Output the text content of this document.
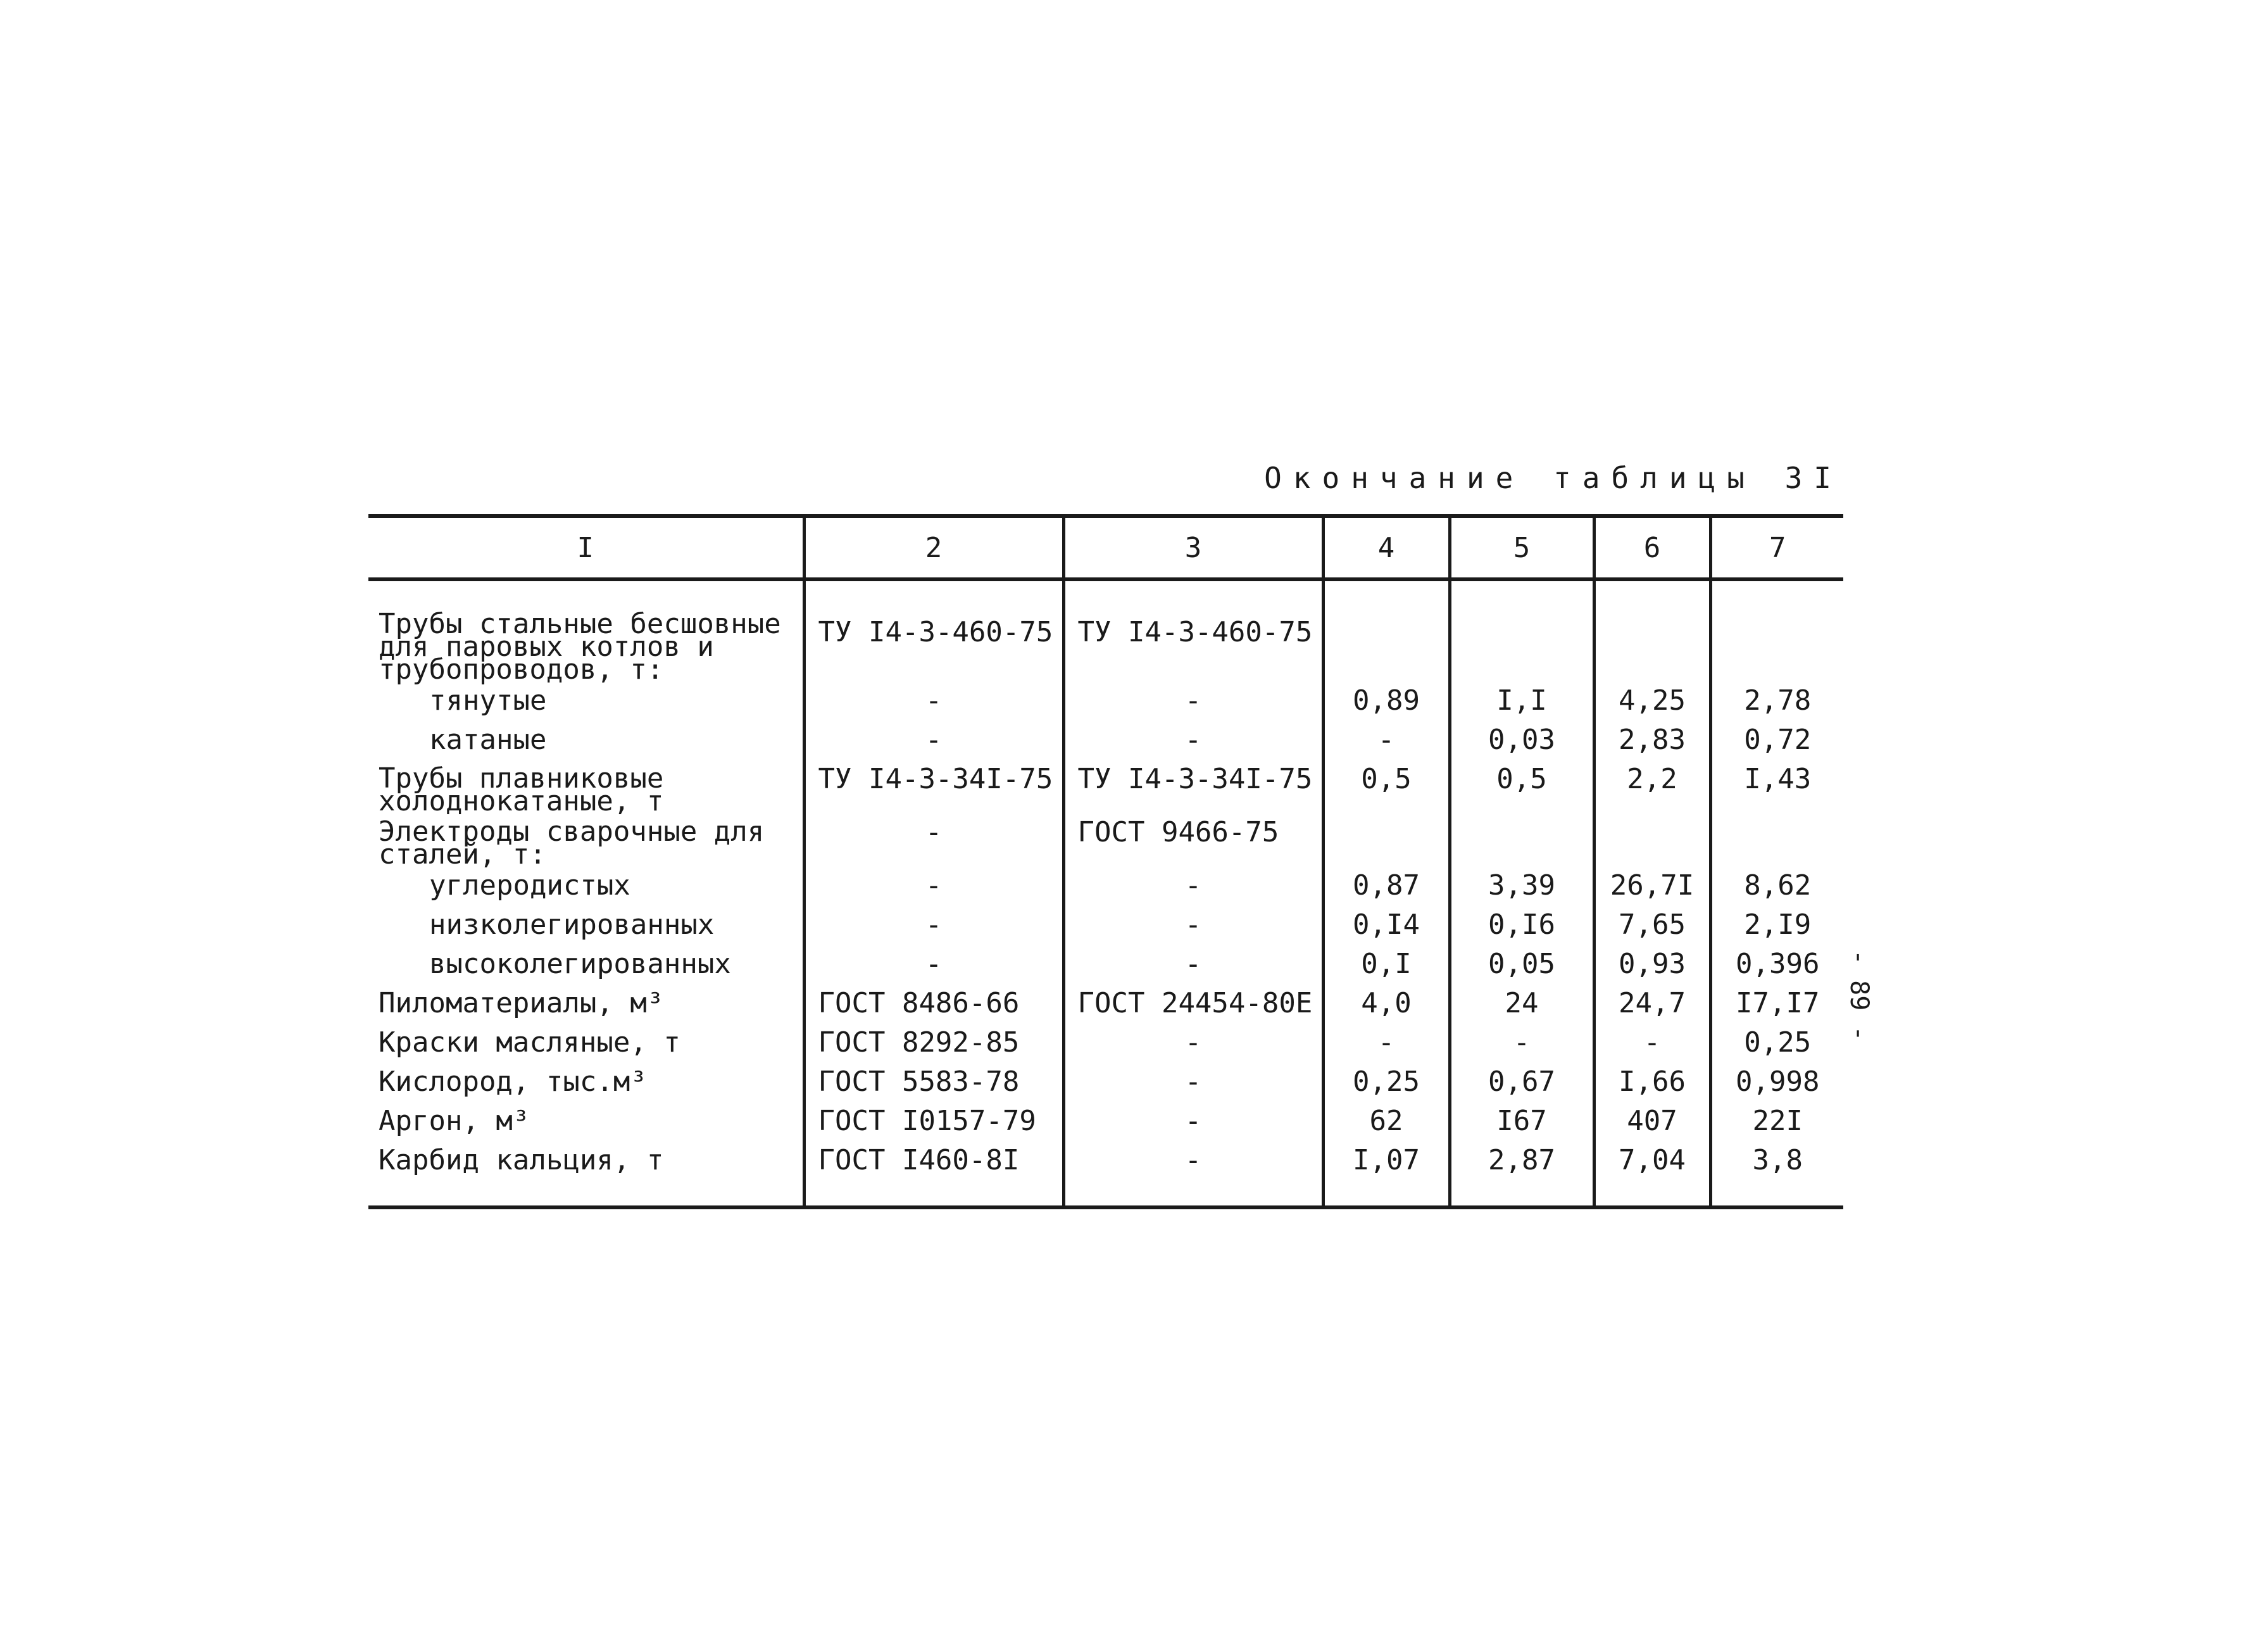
Окончание таблицы 3I
I	2	3	4	5	6	7
Трубы стальные бесшовные для паровых котлов и трубопроводов, т:	ТУ I4-3-460-75	ТУ I4-3-460-75				
тянутые	-	-	0,89	I,I	4,25	2,78
катаные	-	-	-	0,03	2,83	0,72
Трубы плавниковые холоднокатаные, т	ТУ I4-3-34I-75	ТУ I4-3-34I-75	0,5	0,5	2,2	I,43
Электроды сварочные для сталей, т:	-	ГОСТ 9466-75				
углеродистых	-	-	0,87	3,39	26,7I	8,62
низколегированных	-	-	0,I4	0,I6	7,65	2,I9
высоколегированных	-	-	0,I	0,05	0,93	0,396
Пиломатериалы, м³	ГОСТ 8486-66	ГОСТ 24454-80Е	4,0	24	24,7	I7,I7
Краски масляные, т	ГОСТ 8292-85	-	-	-	-	0,25
Кислород, тыс.м³	ГОСТ 5583-78	-	0,25	0,67	I,66	0,998
Аргон, м³	ГОСТ I0157-79	-	62	I67	407	22I
Карбид кальция, т	ГОСТ I460-8I	-	I,07	2,87	7,04	3,8
- 89 -
